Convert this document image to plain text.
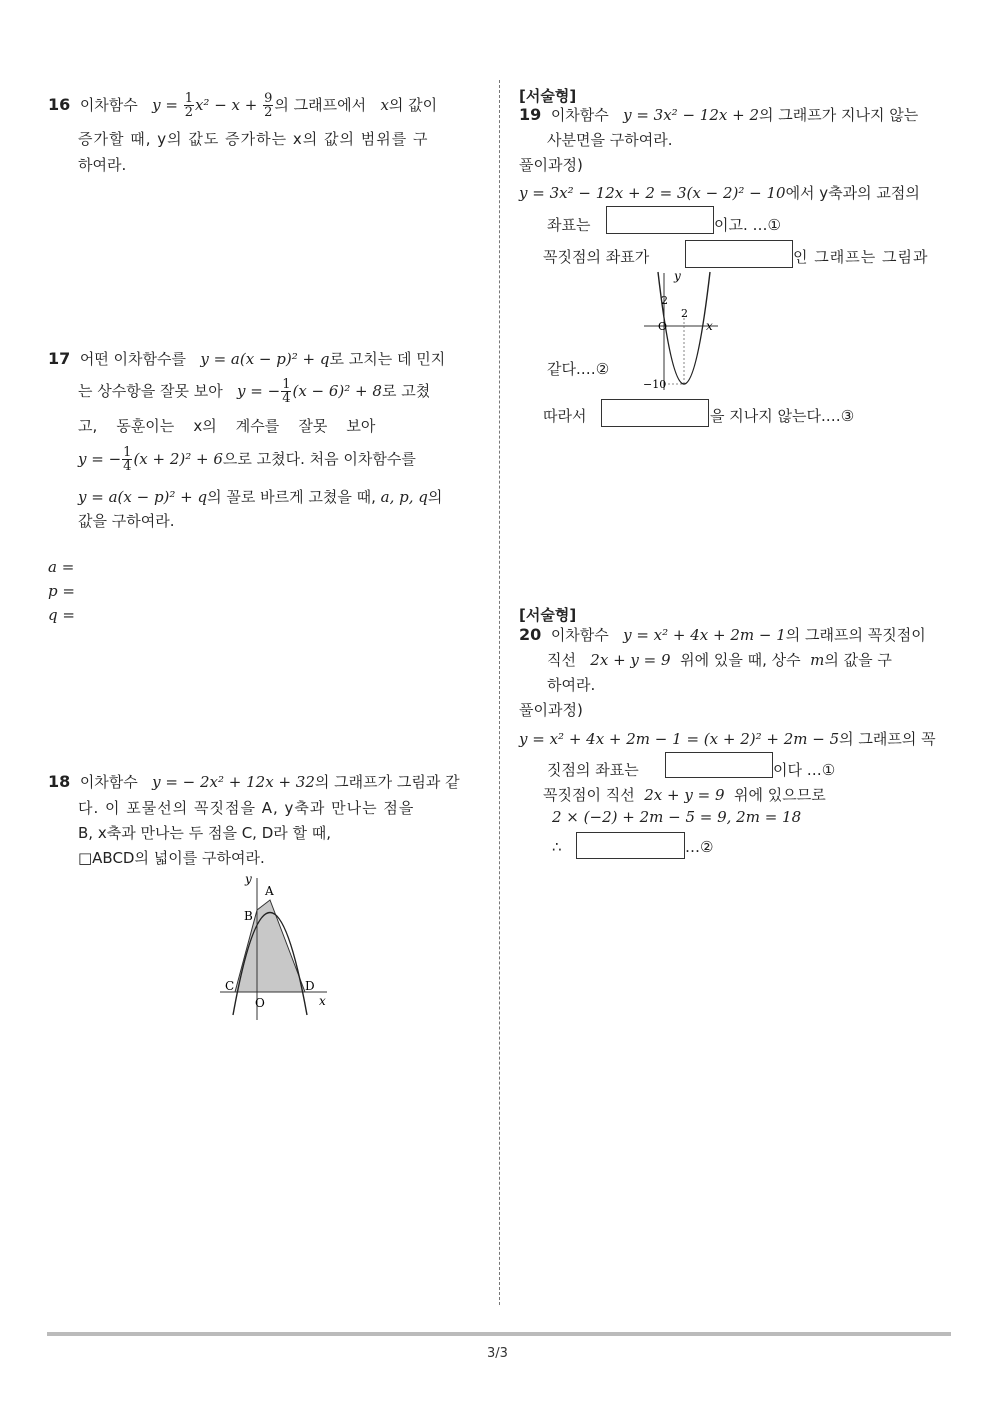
16 이차함수 $y = \frac{1}{2} x^2 - x + \frac{9}{2}$ 의 그래프에서 x의 값이
증가할 때, y의 값도 증가하는 x의 값의 범위를 구
하여라.
17 어떤 이차함수를 y = a(x − p)² + q로 고치는 데 민지
는 상수항을 잘못 보아 y = − $\frac{1}{4} (x - 6)^2 + 8$로 고쳤
고,    동훈이는    x의    계수를    잘못    보아
y = − $\frac{1}{4} (x + 2)^2 + 6$으로 고쳤다. 처음 이차함수를
y = a(x − p)² + q의 꼴로 바르게 고쳤을 때, a, p, q의
값을 구하여라.
a =
p =
q =
18 이차함수 y = − 2x² + 12x + 32의 그래프가 그림과 같
다. 이 포물선의 꼭짓점을 A, y축과 만나는 점을
B, x축과 만나는 두 점을 C, D라 할 때,
□ABCD의 넓이를 구하여라.
y
x
A
B
C	D
O
[서술형]
19 이차함수 y = 3x² − 12x + 2의 그래프가 지나지 않는
사분면을 구하여라.
풀이과정)
y = 3x² − 12x + 2 = 3(x − 2)² − 10에서 y축과의 교점의
좌표는	이고. …①
꼭짓점의 좌표가	인 그래프는 그림과
y
x
2
2
O
−10
같다.…②
따라서	을 지나지 않는다.…③
[서술형]
20 이차함수 y = x² + 4x + 2m − 1의 그래프의 꼭짓점이
직선 2x + y = 9 위에 있을 때, 상수 m의 값을 구
하여라.
풀이과정)
y = x² + 4x + 2m − 1 = (x + 2)² + 2m − 5의 그래프의 꼭
짓점의 좌표는	이다 …①
꼭짓점이 직선 2x + y = 9 위에 있으므로
2 × (−2) + 2m − 5 = 9, 2m = 18
∴	…②
3/3
